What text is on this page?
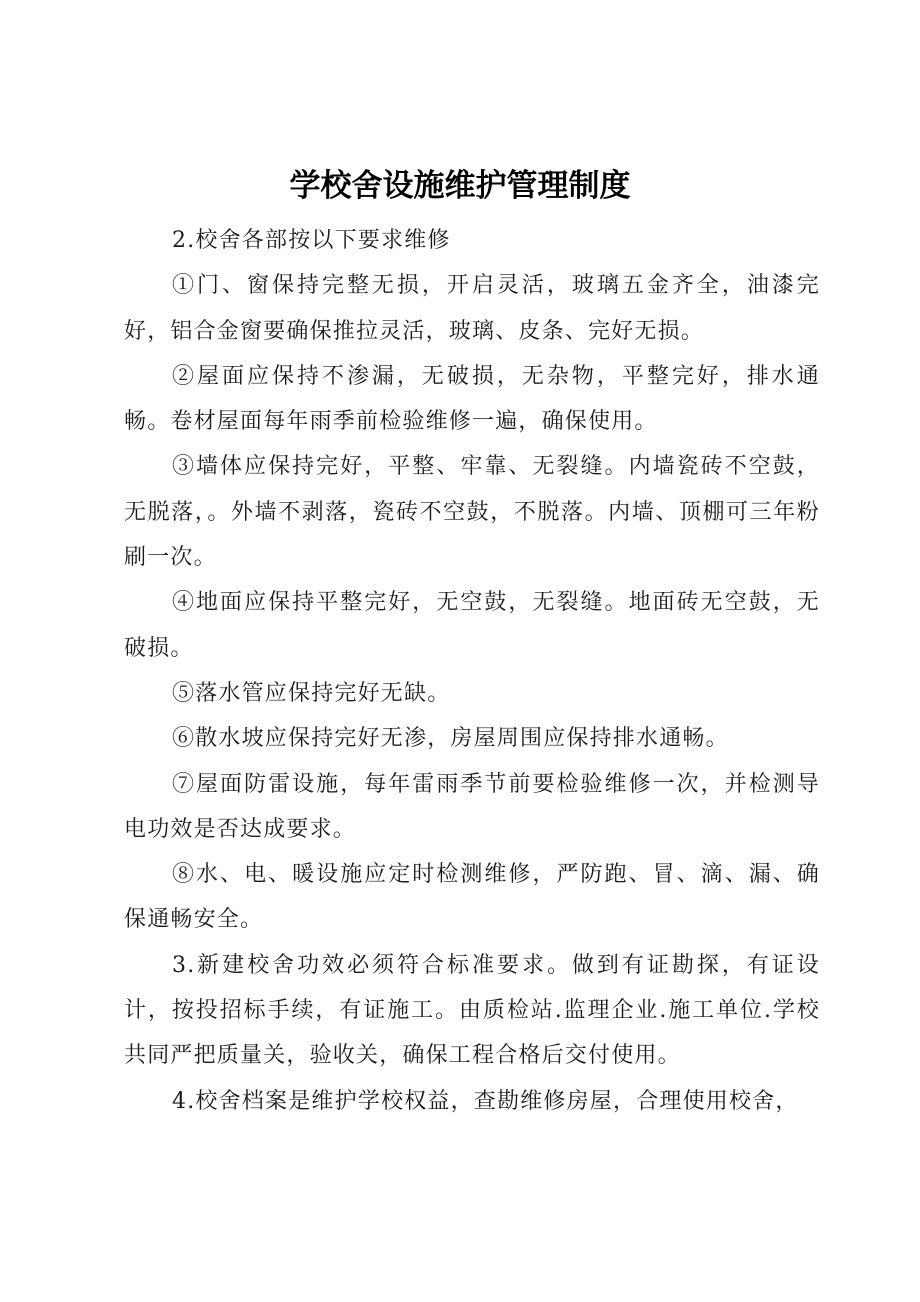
学校舍设施维护管理制度

2.校舍各部按以下要求维修

①门、窗保持完整无损，开启灵活，玻璃五金齐全，油漆完好，铝合金窗要确保推拉灵活，玻璃、皮条、完好无损。

②屋面应保持不渗漏，无破损，无杂物，平整完好，排水通畅。卷材屋面每年雨季前检验维修一遍，确保使用。

③墙体应保持完好，平整、牢靠、无裂缝。内墙瓷砖不空鼓，无脱落，。外墙不剥落，瓷砖不空鼓，不脱落。内墙、顶棚可三年粉刷一次。

④地面应保持平整完好，无空鼓，无裂缝。地面砖无空鼓，无破损。

⑤落水管应保持完好无缺。

⑥散水坡应保持完好无渗，房屋周围应保持排水通畅。

⑦屋面防雷设施，每年雷雨季节前要检验维修一次，并检测导电功效是否达成要求。

⑧水、电、暖设施应定时检测维修，严防跑、冒、滴、漏、确保通畅安全。

3.新建校舍功效必须符合标准要求。做到有证勘探，有证设计，按投招标手续，有证施工。由质检站.监理企业.施工单位.学校共同严把质量关，验收关，确保工程合格后交付使用。

4.校舍档案是维护学校权益，查勘维修房屋，合理使用校舍，
